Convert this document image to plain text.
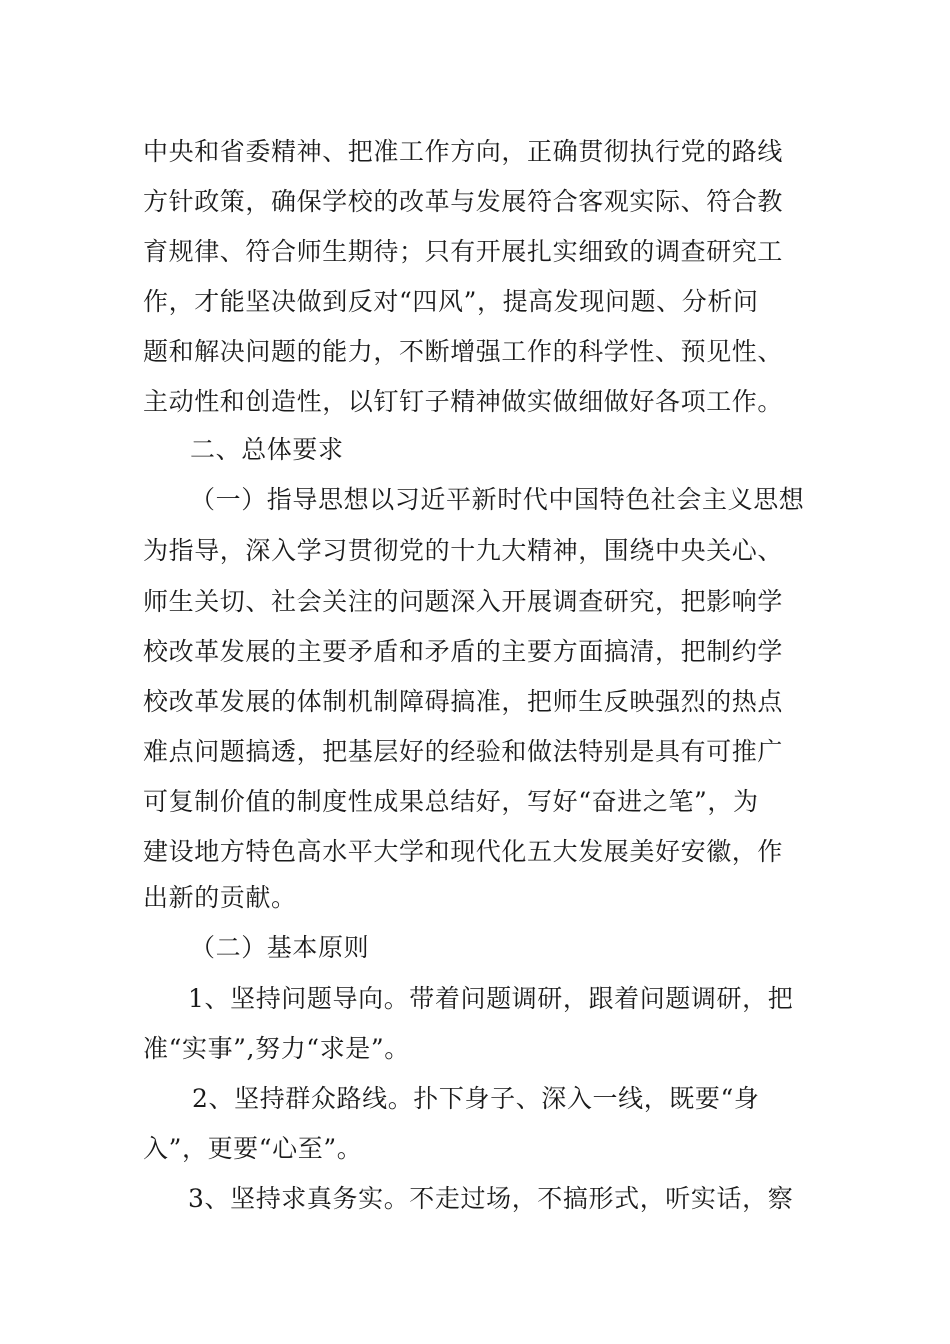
中央和省委精神、把准工作方向，正确贯彻执行党的路线
方针政策，确保学校的改革与发展符合客观实际、符合教
育规律、符合师生期待；只有开展扎实细致的调查研究工
作，才能坚决做到反对“四风”，提高发现问题、分析问
题和解决问题的能力，不断增强工作的科学性、预见性、
主动性和创造性，以钉钉子精神做实做细做好各项工作。
二、总体要求
（一）指导思想以习近平新时代中国特色社会主义思想
为指导，深入学习贯彻党的十九大精神，围绕中央关心、
师生关切、社会关注的问题深入开展调查研究，把影响学
校改革发展的主要矛盾和矛盾的主要方面搞清，把制约学
校改革发展的体制机制障碍搞准，把师生反映强烈的热点
难点问题搞透，把基层好的经验和做法特别是具有可推广
可复制价值的制度性成果总结好，写好“奋进之笔”，为
建设地方特色高水平大学和现代化五大发展美好安徽，作
出新的贡献。
（二）基本原则
1、坚持问题导向。带着问题调研，跟着问题调研，把
准“实事”,努力“求是”。
2、坚持群众路线。扑下身子、深入一线，既要“身
入”，更要“心至”。
3、坚持求真务实。不走过场，不搞形式，听实话，察
